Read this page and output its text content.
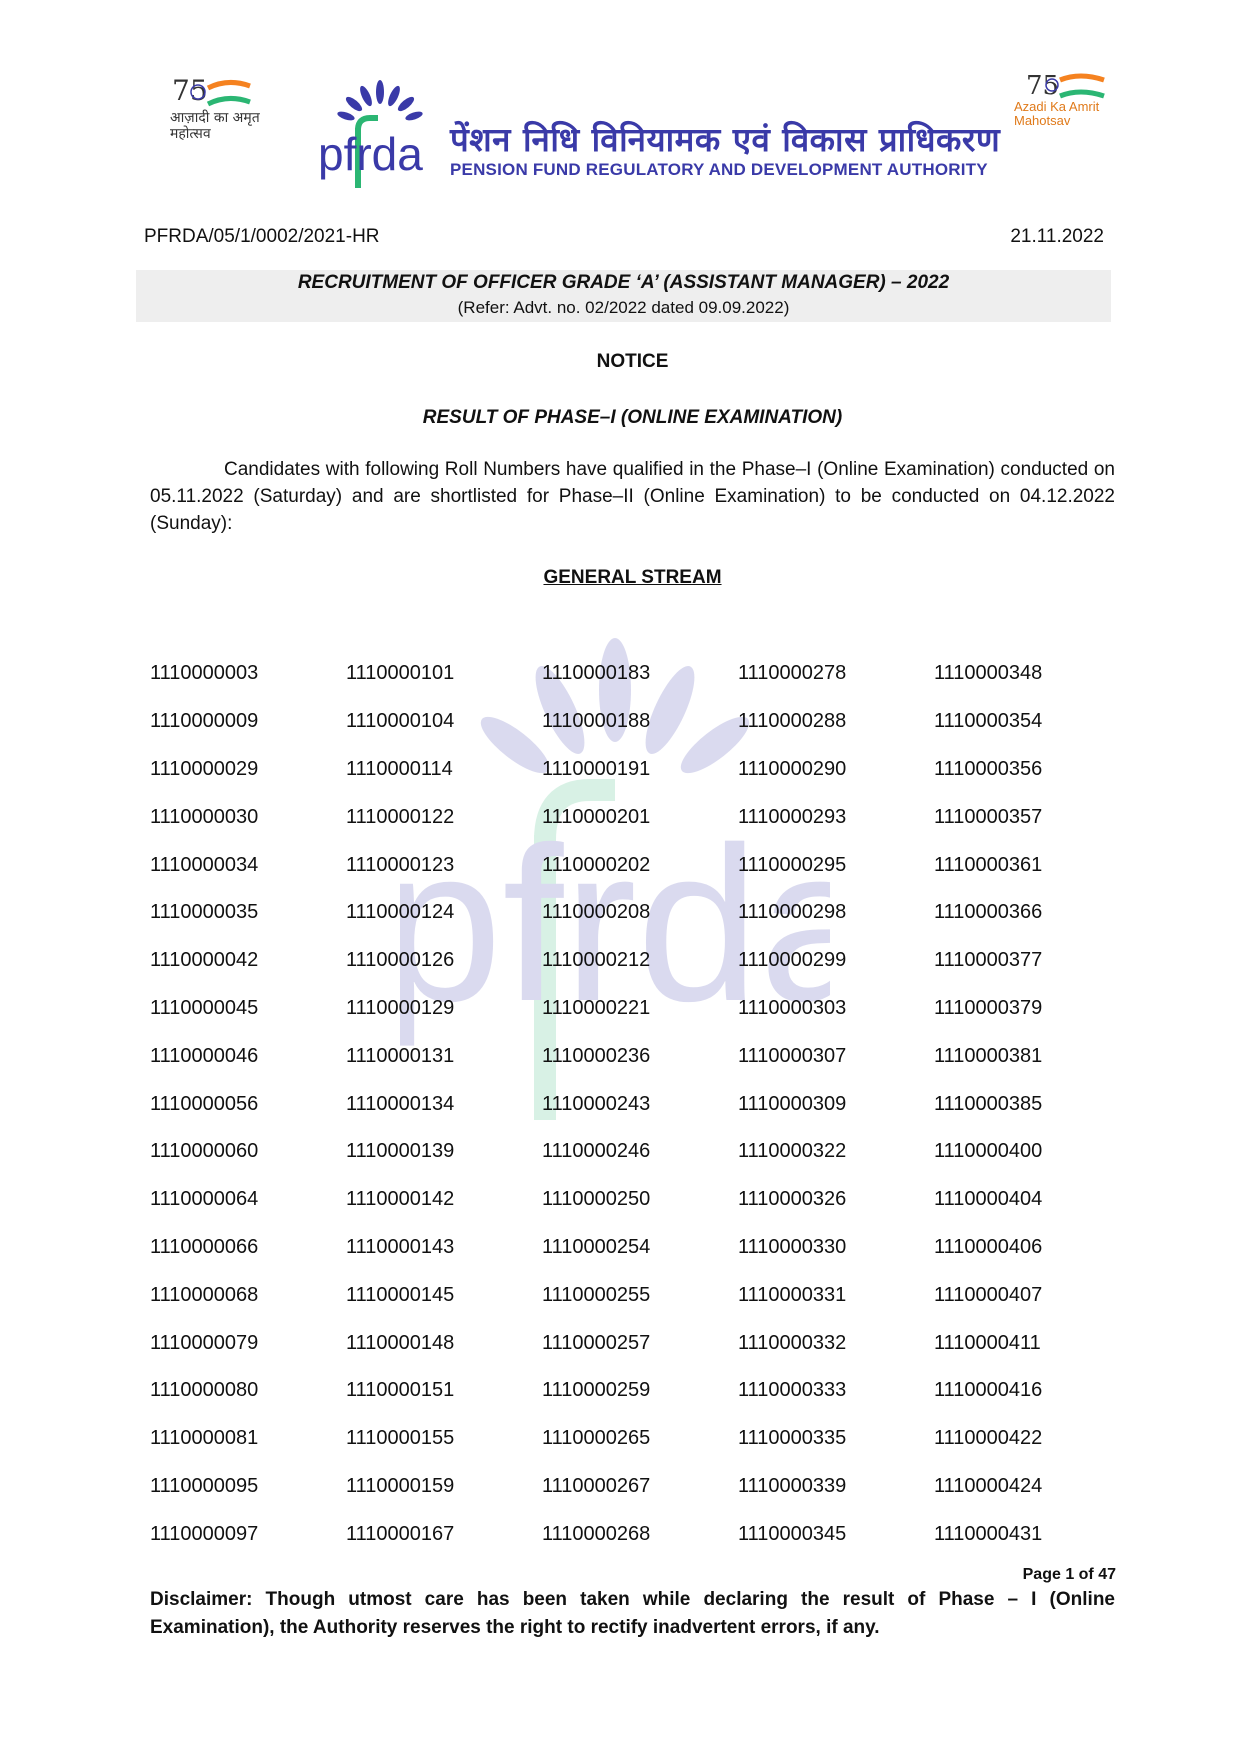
75
आज़ादी का अमृत महोत्सव
75
Azadi Ka Amrit Mahotsav
pfrda पेंशन निधि विनियामक एवं विकास प्राधिकरण
PENSION FUND REGULATORY AND DEVELOPMENT AUTHORITY
PFRDA/05/1/0002/2021-HR	21.11.2022
RECRUITMENT OF OFFICER GRADE ‘A’ (ASSISTANT MANAGER) – 2022
(Refer: Advt. no. 02/2022 dated 09.09.2022)
NOTICE
RESULT OF PHASE–I (ONLINE EXAMINATION)
Candidates with following Roll Numbers have qualified in the Phase–I (Online Examination) conducted on 05.11.2022 (Saturday) and are shortlisted for Phase–II (Online Examination) to be conducted on 04.12.2022 (Sunday):
GENERAL STREAM
pfrda
1110000003	1110000101	1110000183	1110000278	1110000348
1110000009	1110000104	1110000188	1110000288	1110000354
1110000029	1110000114	1110000191	1110000290	1110000356
1110000030	1110000122	1110000201	1110000293	1110000357
1110000034	1110000123	1110000202	1110000295	1110000361
1110000035	1110000124	1110000208	1110000298	1110000366
1110000042	1110000126	1110000212	1110000299	1110000377
1110000045	1110000129	1110000221	1110000303	1110000379
1110000046	1110000131	1110000236	1110000307	1110000381
1110000056	1110000134	1110000243	1110000309	1110000385
1110000060	1110000139	1110000246	1110000322	1110000400
1110000064	1110000142	1110000250	1110000326	1110000404
1110000066	1110000143	1110000254	1110000330	1110000406
1110000068	1110000145	1110000255	1110000331	1110000407
1110000079	1110000148	1110000257	1110000332	1110000411
1110000080	1110000151	1110000259	1110000333	1110000416
1110000081	1110000155	1110000265	1110000335	1110000422
1110000095	1110000159	1110000267	1110000339	1110000424
1110000097	1110000167	1110000268	1110000345	1110000431
Page 1 of 47
Disclaimer: Though utmost care has been taken while declaring the result of Phase – I (Online Examination), the Authority reserves the right to rectify inadvertent errors, if any.
